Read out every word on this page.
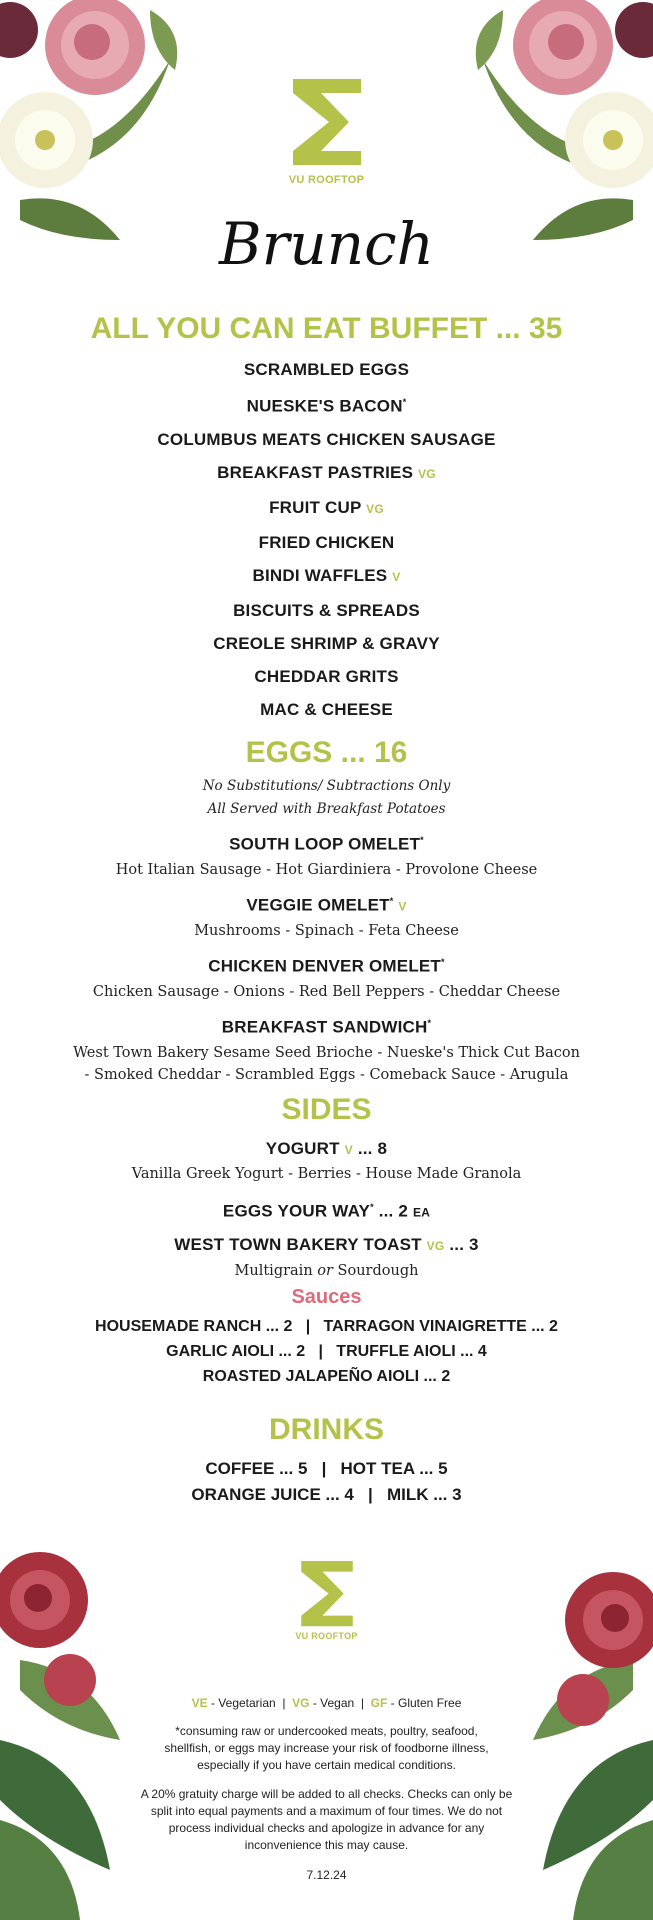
VU ROOFTOP
Brunch
ALL YOU CAN EAT BUFFET ... 35
SCRAMBLED EGGS
NUESKE'S BACON*
COLUMBUS MEATS CHICKEN SAUSAGE
BREAKFAST PASTRIES VG
FRUIT CUP VG
FRIED CHICKEN
BINDI WAFFLES V
BISCUITS & SPREADS
CREOLE SHRIMP & GRAVY
CHEDDAR GRITS
MAC & CHEESE
EGGS ... 16
No Substitutions/ Subtractions Only
All Served with Breakfast Potatoes
SOUTH LOOP OMELET*
Hot Italian Sausage - Hot Giardiniera - Provolone Cheese
VEGGIE OMELET* V
Mushrooms - Spinach - Feta Cheese
CHICKEN DENVER OMELET*
Chicken Sausage - Onions - Red Bell Peppers - Cheddar Cheese
BREAKFAST SANDWICH*
West Town Bakery Sesame Seed Brioche - Nueske's Thick Cut Bacon - Smoked Cheddar - Scrambled Eggs - Comeback Sauce - Arugula
SIDES
YOGURT V ... 8
Vanilla Greek Yogurt - Berries - House Made Granola
EGGS YOUR WAY* ... 2 EA
WEST TOWN BAKERY TOAST VG ... 3
Multigrain or Sourdough
Sauces
HOUSEMADE RANCH ... 2   |   TARRAGON VINAIGRETTE ... 2
GARLIC AIOLI ... 2   |   TRUFFLE AIOLI ... 4
ROASTED JALAPEÑO AIOLI ... 2
DRINKS
COFFEE ... 5   |   HOT TEA ... 5
ORANGE JUICE ... 4   |   MILK ... 3
VU ROOFTOP
VE - Vegetarian  |  VG - Vegan  |  GF - Gluten Free
*consuming raw or undercooked meats, poultry, seafood, shellfish, or eggs may increase your risk of foodborne illness, especially if you have certain medical conditions.
A 20% gratuity charge will be added to all checks. Checks can only be split into equal payments and a maximum of four times. We do not process individual checks and apologize in advance for any inconvenience this may cause.
7.12.24
